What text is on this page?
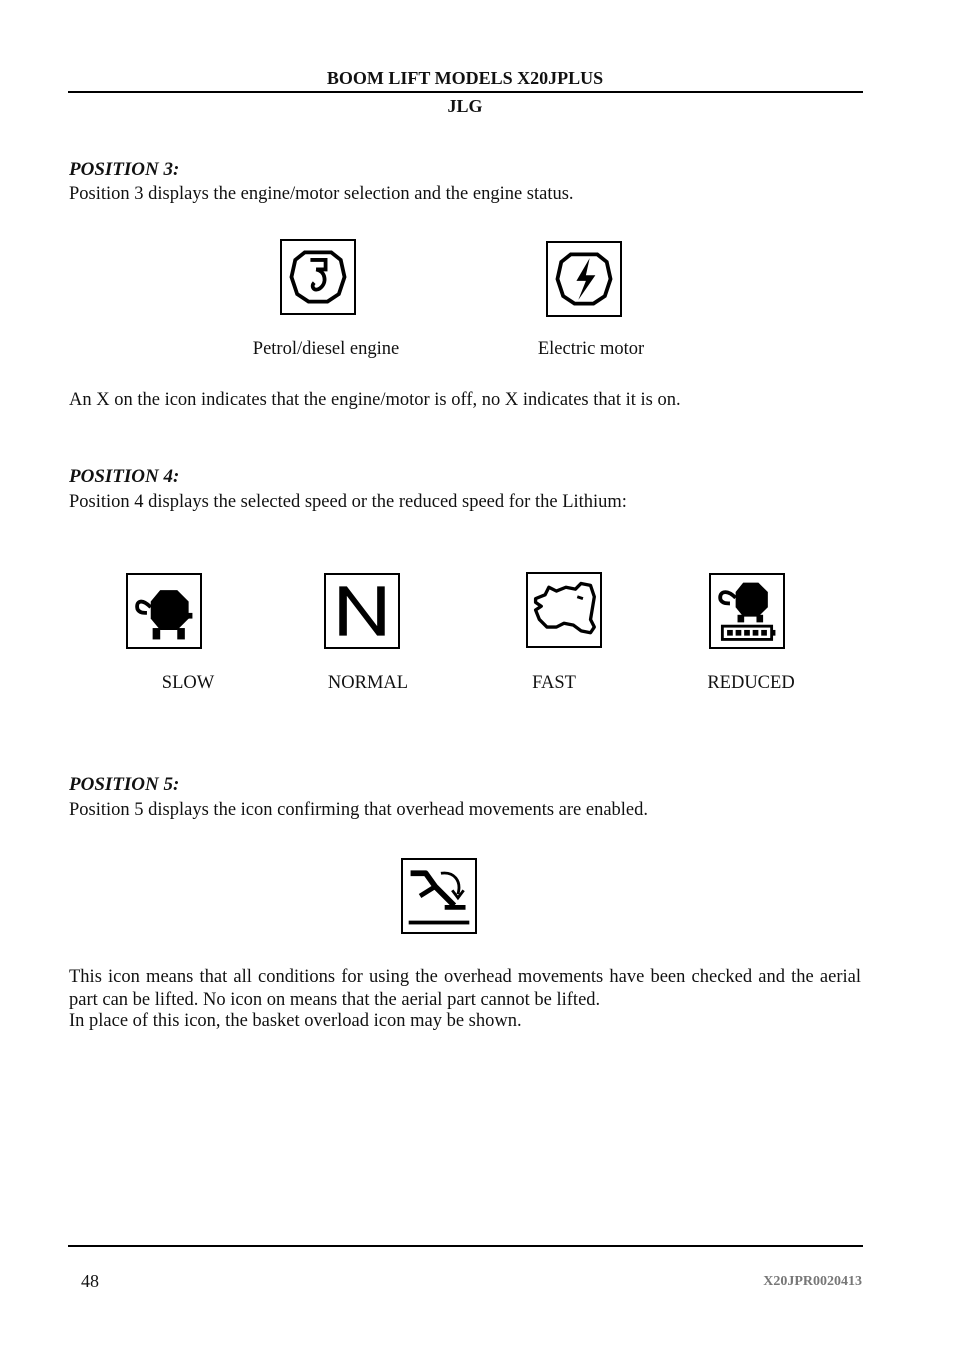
BOOM LIFT MODELS X20JPLUS
JLG
POSITION 3:
Position 3 displays the engine/motor selection and the engine status.
Petrol/diesel engine	Electric motor
An X on the icon indicates that the engine/motor is off, no X indicates that it is on.
POSITION 4:
Position 4 displays the selected speed or the reduced speed for the Lithium:
SLOW	NORMAL	FAST	REDUCED
POSITION 5:
Position 5 displays the icon confirming that overhead movements are enabled.
This icon means that all conditions for using the overhead movements have been checked and the aerial part can be lifted. No icon on means that the aerial part cannot be lifted.
In place of this icon, the basket overload icon may be shown.
48	X20JPR0020413
